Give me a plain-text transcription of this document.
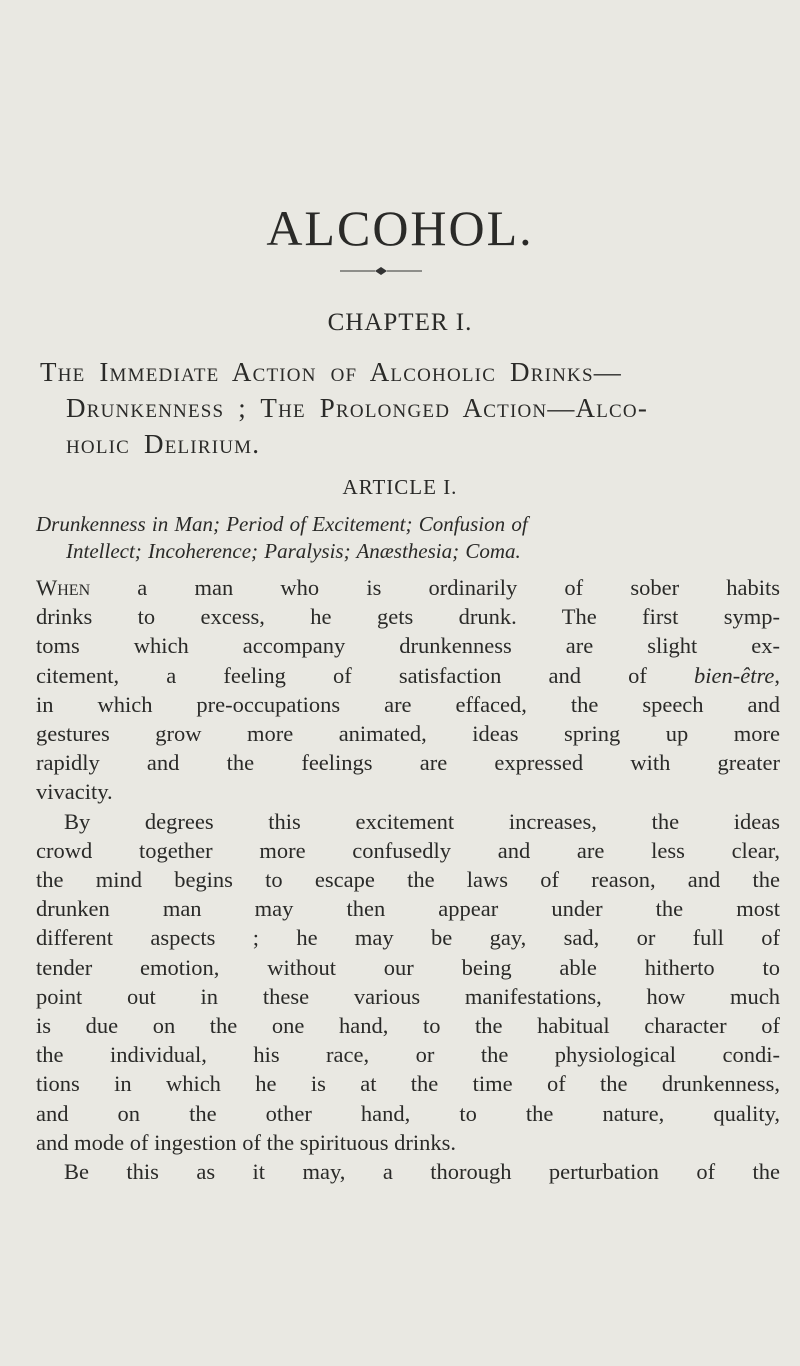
ALCOHOL.
CHAPTER I.
The Immediate Action of Alcoholic Drinks—
Drunkenness ; The Prolonged Action—Alco-
holic Delirium.
ARTICLE I.
Drunkenness in Man; Period of Excitement; Confusion of
Intellect; Incoherence; Paralysis; Anæsthesia; Coma.
When a man who is ordinarily of sober habits
drinks to excess, he gets drunk. The first symp-
toms which accompany drunkenness are slight ex-
citement, a feeling of satisfaction and of bien-être,
in which pre-occupations are effaced, the speech and
gestures grow more animated, ideas spring up more
rapidly and the feelings are expressed with greater
vivacity.
By degrees this excitement increases, the ideas
crowd together more confusedly and are less clear,
the mind begins to escape the laws of reason, and the
drunken man may then appear under the most
different aspects ; he may be gay, sad, or full of
tender emotion, without our being able hitherto to
point out in these various manifestations, how much
is due on the one hand, to the habitual character of
the individual, his race, or the physiological condi-
tions in which he is at the time of the drunkenness,
and on the other hand, to the nature, quality,
and mode of ingestion of the spirituous drinks.
Be this as it may, a thorough perturbation of the
